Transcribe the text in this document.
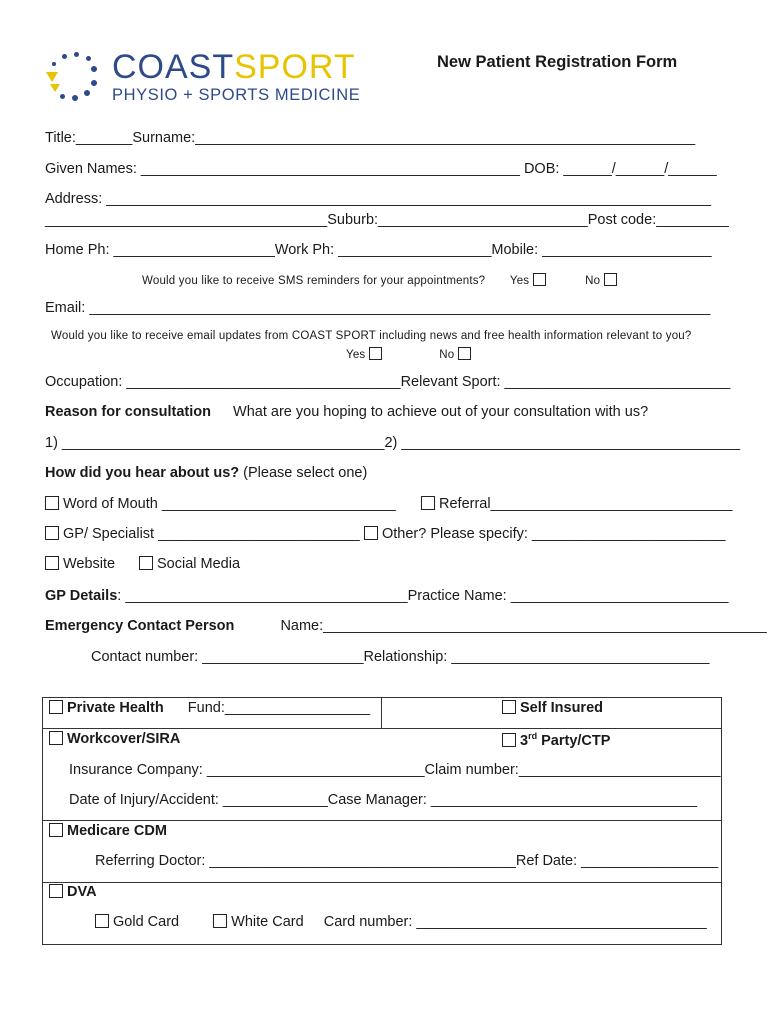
COASTSPORT
PHYSIO + SPORTS MEDICINE
New Patient Registration Form
Title:_______Surname:______________________________________________________________
Given Names: _______________________________________________ DOB: ______/______/______
Address: ___________________________________________________________________________
___________________________________Suburb:__________________________Post code:_________
Home Ph: ____________________Work Ph: ___________________Mobile: _____________________
Would you like to receive SMS reminders for your appointments? Yes	No
Email: _____________________________________________________________________________
Would you like to receive email updates from COAST SPORT including news and free health information relevant to you?
Yes	No
Occupation: __________________________________Relevant Sport: ____________________________
Reason for consultation What are you hoping to achieve out of your consultation with us?
1) ________________________________________2) __________________________________________
How did you hear about us? (Please select one)
Word of Mouth _____________________________	Referral______________________________
GP/ Specialist _________________________	Other? Please specify: ________________________
Website	Social Media
GP Details: ___________________________________Practice Name: ___________________________
Emergency Contact Person	Name:_______________________________________________________
Contact number: ____________________Relationship: ________________________________
Private Health Fund:__________________	Self Insured
Workcover/SIRA	3rd Party/CTP
Insurance Company: ___________________________Claim number:_________________________
Date of Injury/Accident: _____________Case Manager: _________________________________
Medicare CDM
Referring Doctor: ______________________________________Ref Date: _________________
DVA
Gold Card	White Card Card number: ____________________________________
